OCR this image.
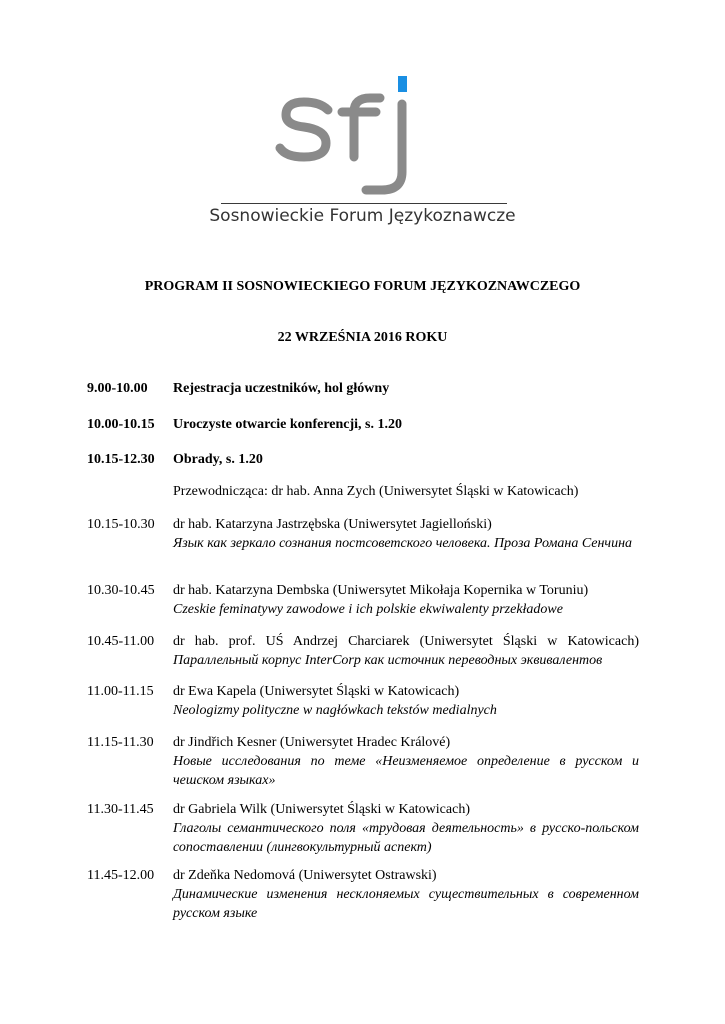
Sosnowieckie Forum Językoznawcze
PROGRAM II SOSNOWIECKIEGO FORUM JĘZYKOZNAWCZEGO
22 WRZEŚNIA 2016 ROKU
9.00-10.00	Rejestracja uczestników, hol główny
10.00-10.15	Uroczyste otwarcie konferencji, s. 1.20
10.15-12.30	Obrady, s. 1.20
Przewodnicząca: dr hab. Anna Zych (Uniwersytet Śląski w Katowicach)
10.15-10.30	dr hab. Katarzyna Jastrzębska (Uniwersytet Jagielloński)
Язык как зеркало сознания постсоветского человека. Проза Романа Сенчина
10.30-10.45	dr hab. Katarzyna Dembska (Uniwersytet Mikołaja Kopernika w Toruniu)
Czeskie feminatywy zawodowe i ich polskie ekwiwalenty przekładowe
10.45-11.00	dr hab. prof. UŚ Andrzej Charciarek (Uniwersytet Śląski w Katowicach)
Параллельный корпус InterCorp как источник переводных эквивалентов
11.00-11.15	dr Ewa Kapela (Uniwersytet Śląski w Katowicach)
Neologizmy polityczne w nagłówkach tekstów medialnych
11.15-11.30	dr Jindřich Kesner (Uniwersytet Hradec Králové)
Новые исследования по теме «Неизменяемое определение в русском и чешском языках»
11.30-11.45	dr Gabriela Wilk (Uniwersytet Śląski w Katowicach)
Глаголы семантического поля «трудовая деятельность» в русско-польском сопоставлении (лингвокультурный аспект)
11.45-12.00	dr Zdeňka Nedomová (Uniwersytet Ostrawski)
Динамические изменения несклоняемых существительных в современном русском языке
